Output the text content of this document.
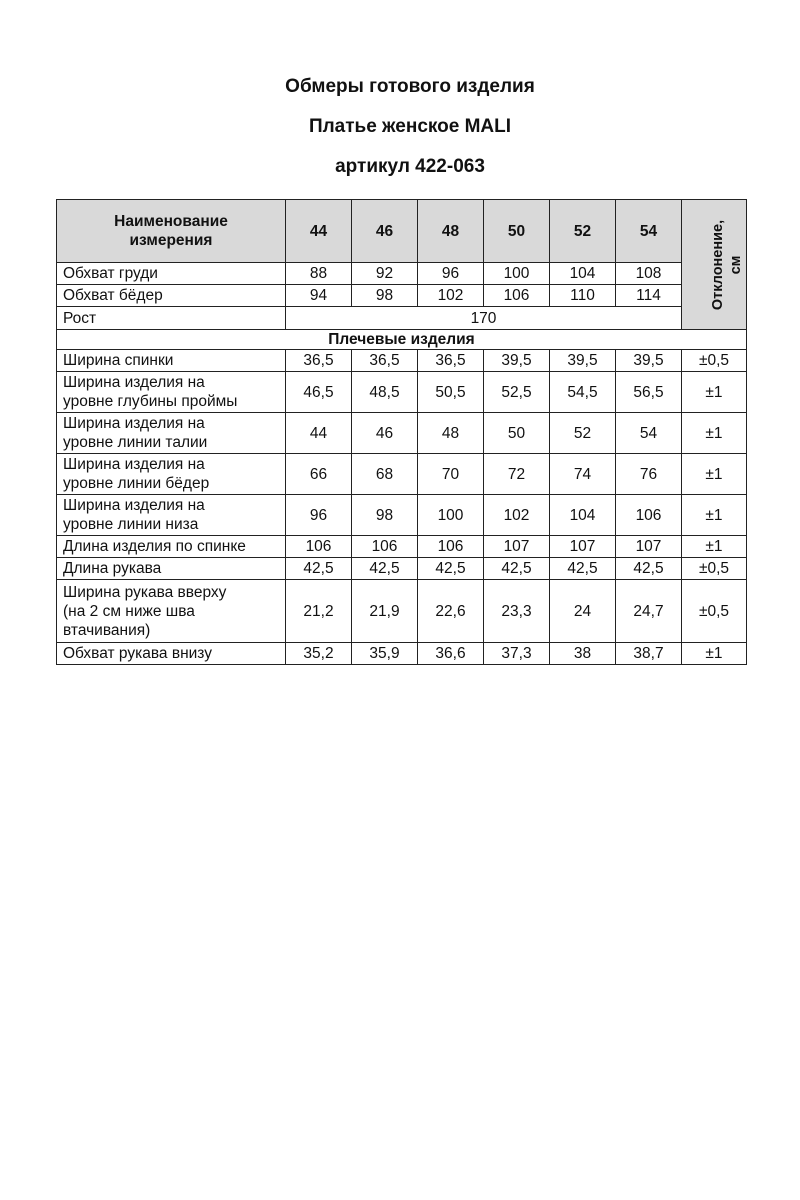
Обмеры готового изделия
Платье женское MALI
артикул 422-063
Наименование
измерения	44	46	48	50	52	54	Отклонение, см
Обхват груди	88	92	96	100	104	108	
Обхват бёдер	94	98	102	106	110	114	
Рост	170						
Плечевые изделия							
Ширина спинки	36,5	36,5	36,5	39,5	39,5	39,5	±0,5
Ширина изделия на
уровне глубины проймы	46,5	48,5	50,5	52,5	54,5	56,5	±1
Ширина изделия на
уровне линии талии	44	46	48	50	52	54	±1
Ширина изделия на
уровне линии бёдер	66	68	70	72	74	76	±1
Ширина изделия на
уровне линии низа	96	98	100	102	104	106	±1
Длина изделия по спинке	106	106	106	107	107	107	±1
Длина рукава	42,5	42,5	42,5	42,5	42,5	42,5	±0,5
Ширина рукава вверху
(на 2 см ниже шва
втачивания)	21,2	21,9	22,6	23,3	24	24,7	±0,5
Обхват рукава внизу	35,2	35,9	36,6	37,3	38	38,7	±1
